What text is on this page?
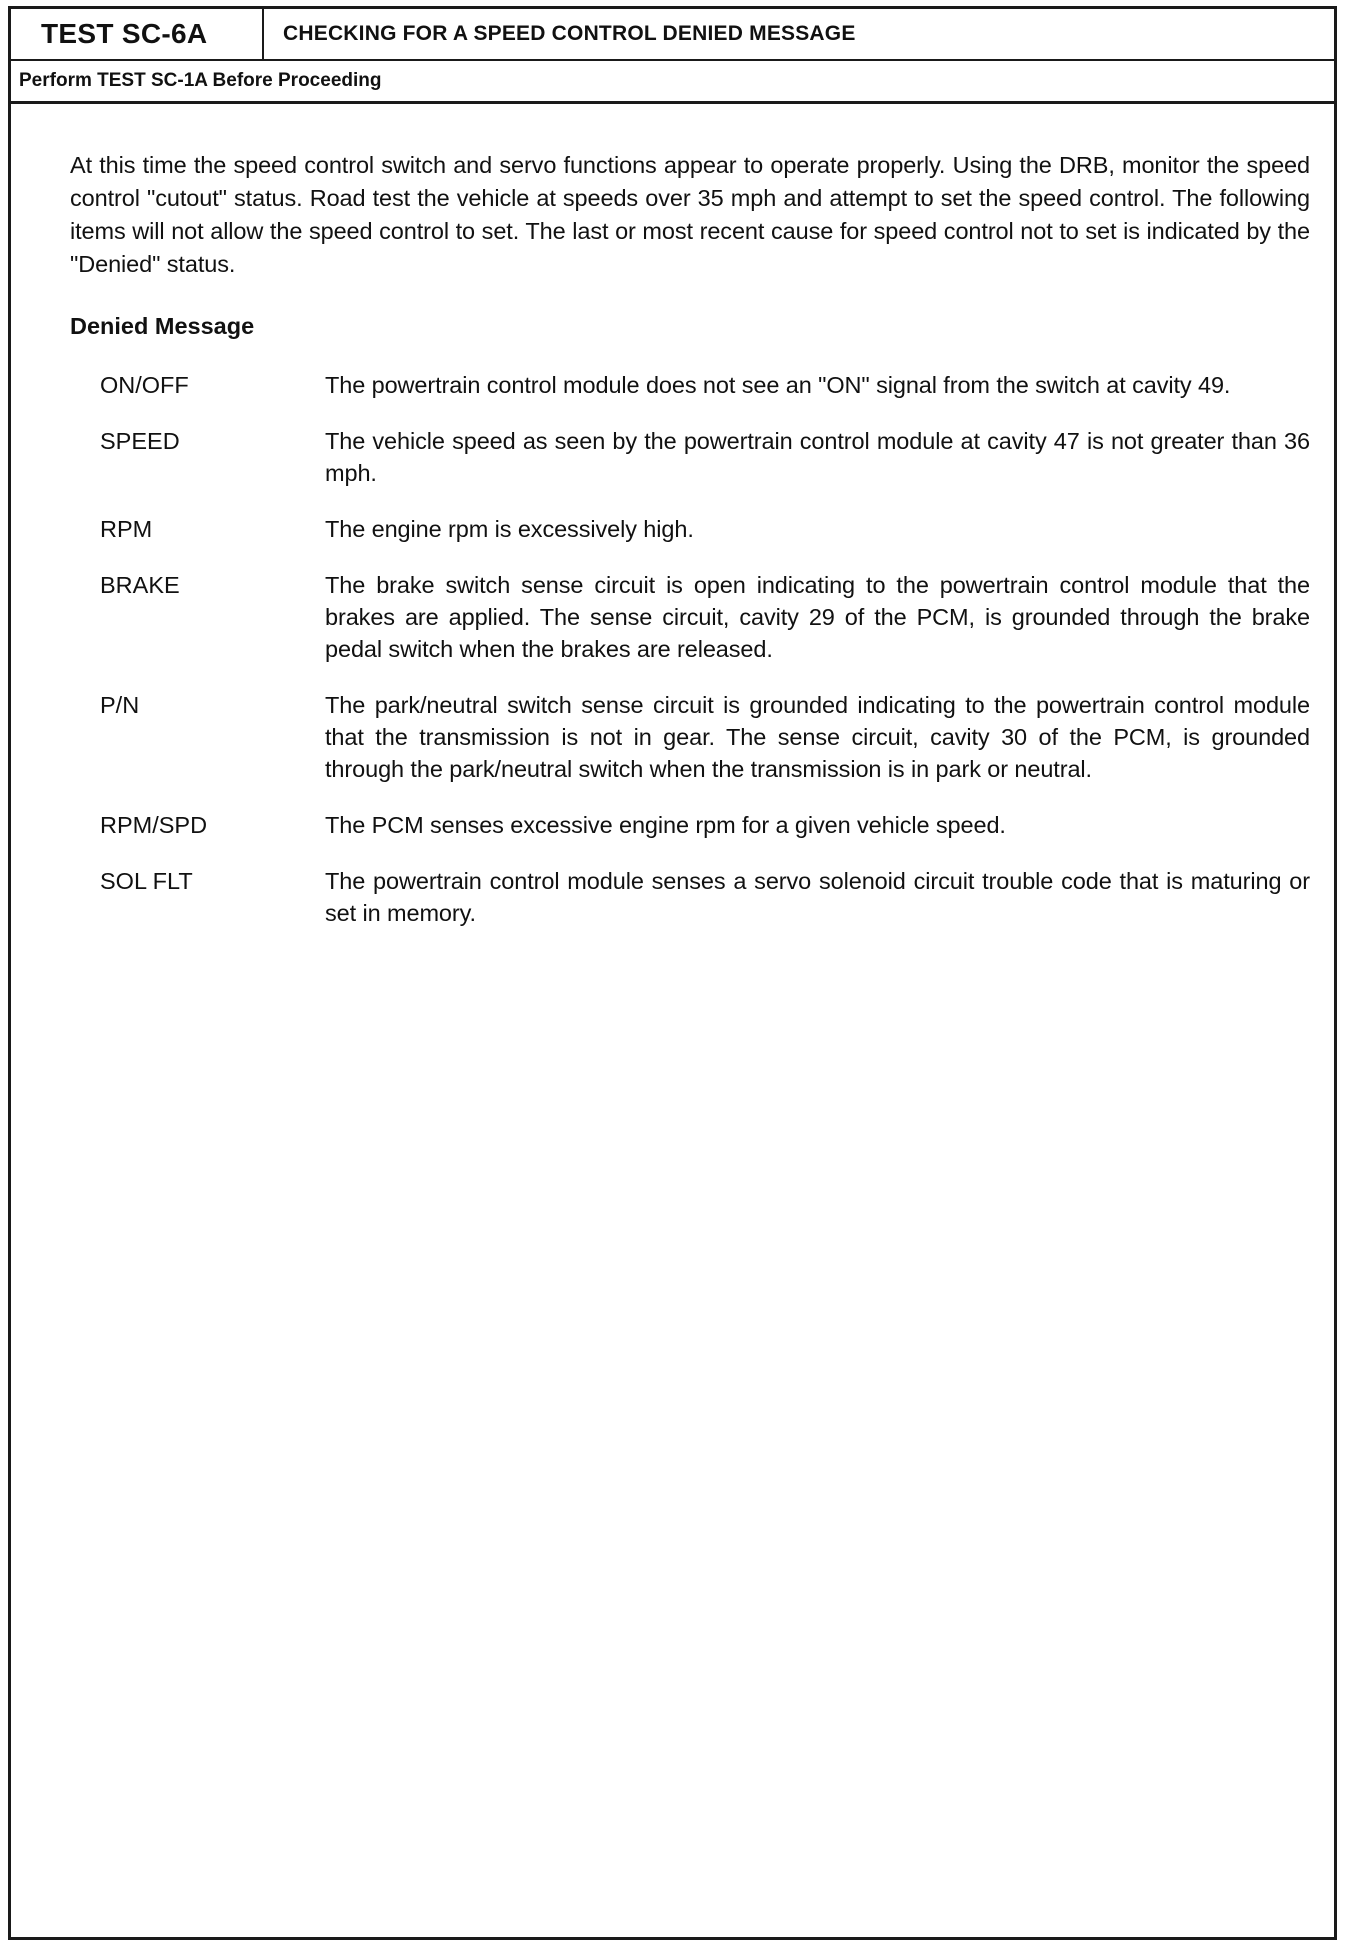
TEST SC-6A	CHECKING FOR A SPEED CONTROL DENIED MESSAGE
Perform TEST SC-1A Before Proceeding

At this time the speed control switch and servo functions appear to operate properly. Using the DRB, monitor the speed control "cutout" status. Road test the vehicle at speeds over 35 mph and attempt to set the speed control. The following items will not allow the speed control to set. The last or most recent cause for speed control not to set is indicated by the "Denied" status.

Denied Message
ON/OFF	The powertrain control module does not see an "ON" signal from the switch at cavity 49.
SPEED	The vehicle speed as seen by the powertrain control module at cavity 47 is not greater than 36 mph.
RPM	The engine rpm is excessively high.
BRAKE	The brake switch sense circuit is open indicating to the powertrain control module that the brakes are applied. The sense circuit, cavity 29 of the PCM, is grounded through the brake pedal switch when the brakes are released.
P/N	The park/neutral switch sense circuit is grounded indicating to the powertrain control module that the transmission is not in gear. The sense circuit, cavity 30 of the PCM, is grounded through the park/neutral switch when the transmission is in park or neutral.
RPM/SPD	The PCM senses excessive engine rpm for a given vehicle speed.
SOL FLT	The powertrain control module senses a servo solenoid circuit trouble code that is maturing or set in memory.
